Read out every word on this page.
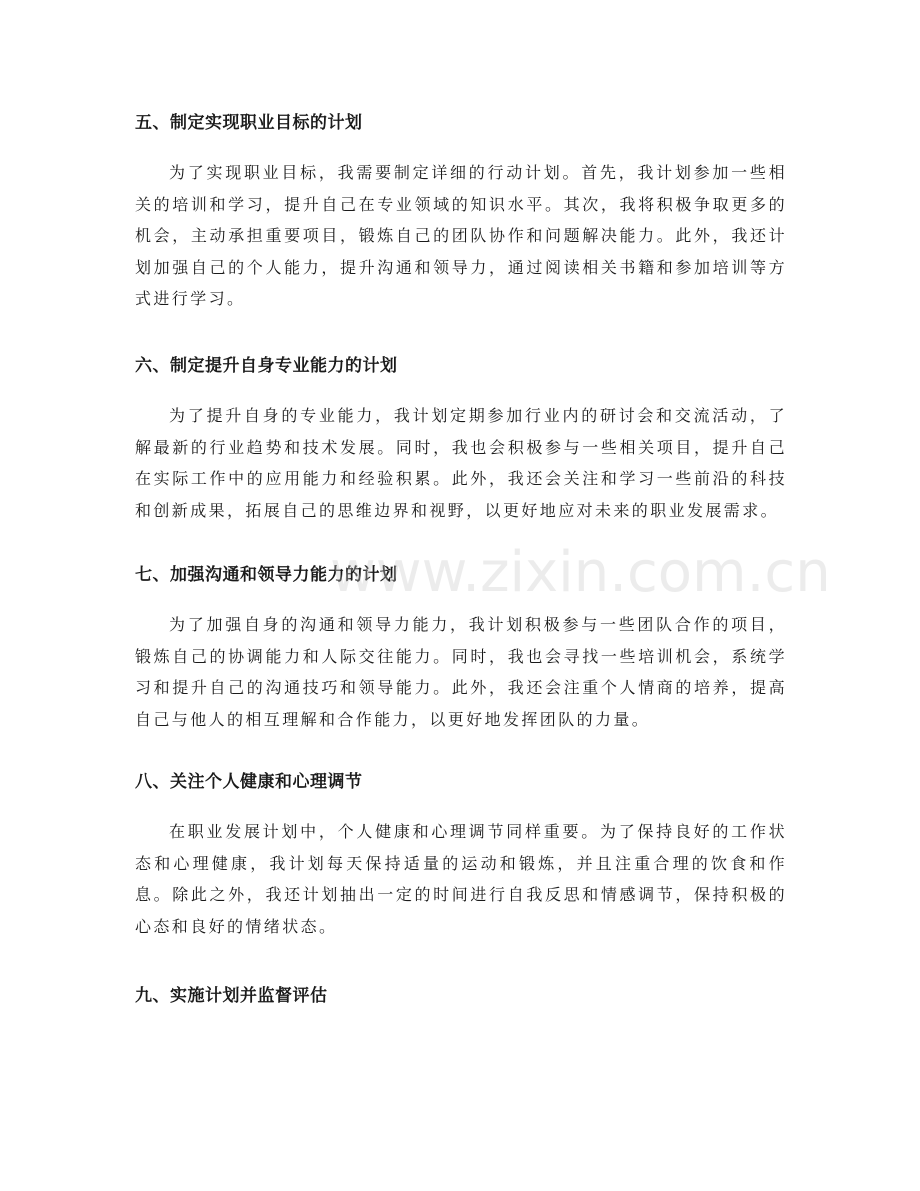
五、制定实现职业目标的计划
为了实现职业目标，我需要制定详细的行动计划。首先，我计划参加一些相关的培训和学习，提升自己在专业领域的知识水平。其次，我将积极争取更多的机会，主动承担重要项目，锻炼自己的团队协作和问题解决能力。此外，我还计划加强自己的个人能力，提升沟通和领导力，通过阅读相关书籍和参加培训等方式进行学习。
六、制定提升自身专业能力的计划
为了提升自身的专业能力，我计划定期参加行业内的研讨会和交流活动，了解最新的行业趋势和技术发展。同时，我也会积极参与一些相关项目，提升自己在实际工作中的应用能力和经验积累。此外，我还会关注和学习一些前沿的科技和创新成果，拓展自己的思维边界和视野，以更好地应对未来的职业发展需求。
七、加强沟通和领导力能力的计划
为了加强自身的沟通和领导力能力，我计划积极参与一些团队合作的项目，锻炼自己的协调能力和人际交往能力。同时，我也会寻找一些培训机会，系统学习和提升自己的沟通技巧和领导能力。此外，我还会注重个人情商的培养，提高自己与他人的相互理解和合作能力，以更好地发挥团队的力量。
八、关注个人健康和心理调节
在职业发展计划中，个人健康和心理调节同样重要。为了保持良好的工作状态和心理健康，我计划每天保持适量的运动和锻炼，并且注重合理的饮食和作息。除此之外，我还计划抽出一定的时间进行自我反思和情感调节，保持积极的心态和良好的情绪状态。
九、实施计划并监督评估
www.zixin.com.cn
